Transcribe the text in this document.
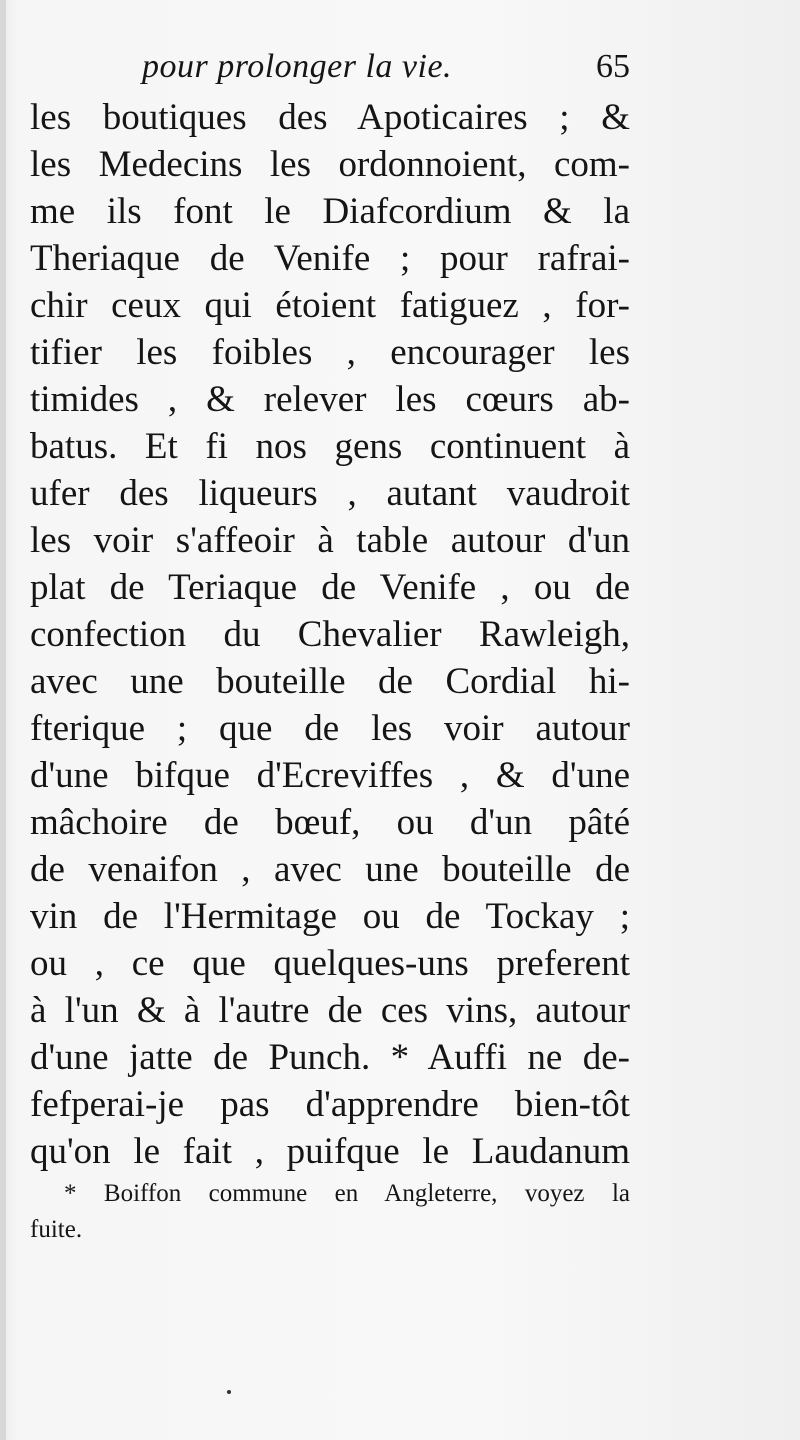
pour prolonger la vie.	65
les boutiques des Apoticaires ; &
les Medecins les ordonnoient, com-
me ils font le Diafcordium & la
Theriaque de Venife ; pour rafrai-
chir ceux qui étoient fatiguez , for-
tifier les foibles , encourager les
timides , & relever les cœurs ab-
batus. Et fi nos gens continuent à
ufer des liqueurs , autant vaudroit
les voir s'affeoir à table autour d'un
plat de Teriaque de Venife , ou de
confection du Chevalier Rawleigh,
avec une bouteille de Cordial hi-
fterique ; que de les voir autour
d'une bifque d'Ecreviffes , & d'une
mâchoire de bœuf, ou d'un pâté
de venaifon , avec une bouteille de
vin de l'Hermitage ou de Tockay ;
ou , ce que quelques-uns preferent
à l'un & à l'autre de ces vins, autour
d'une jatte de Punch. * Auffi ne de-
fefperai-je pas d'apprendre bien-tôt
qu'on le fait , puifque le Laudanum
* Boiffon commune en Angleterre, voyez la
fuite.
